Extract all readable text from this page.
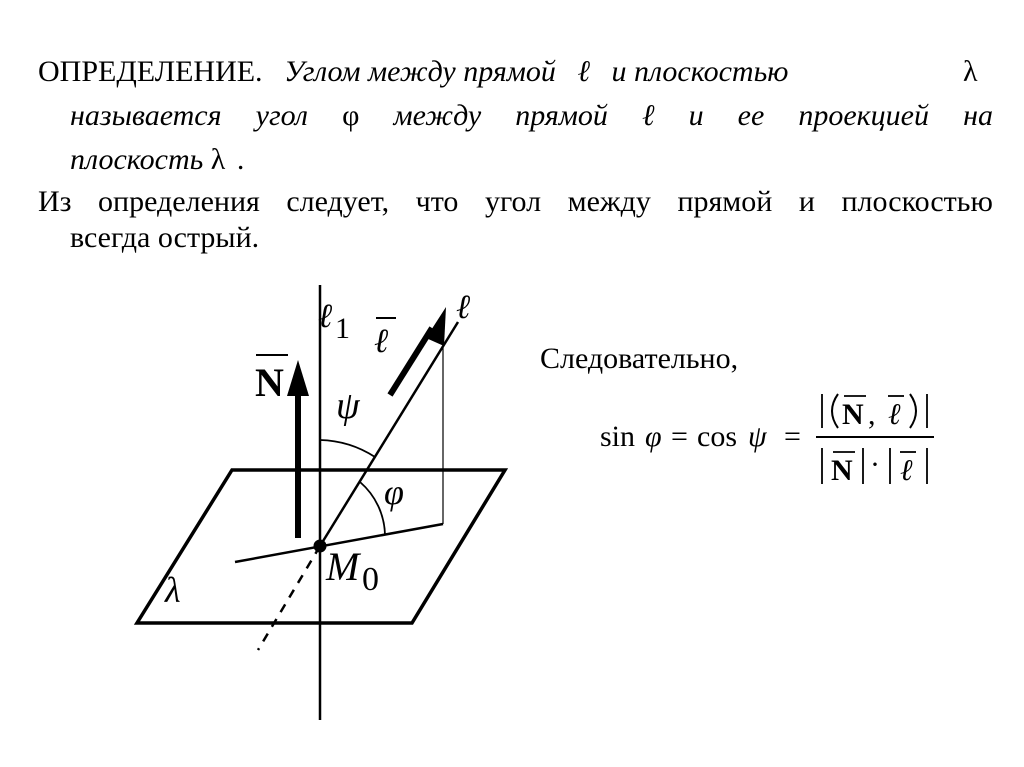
ОПРЕДЕЛЕНИЕ. Углом между прямой ℓ и плоскостью	λ
называется угол φ между прямой ℓ и ее проекцией на
плоскость λ .
Из определения следует, что угол между прямой и плоскостью
всегда острый.
ℓ 1 ℓ
ℓ
N
ψ
φ
M 0
λ
Следовательно,
sin φ = cos ψ =
N , ℓ
N · ℓ
